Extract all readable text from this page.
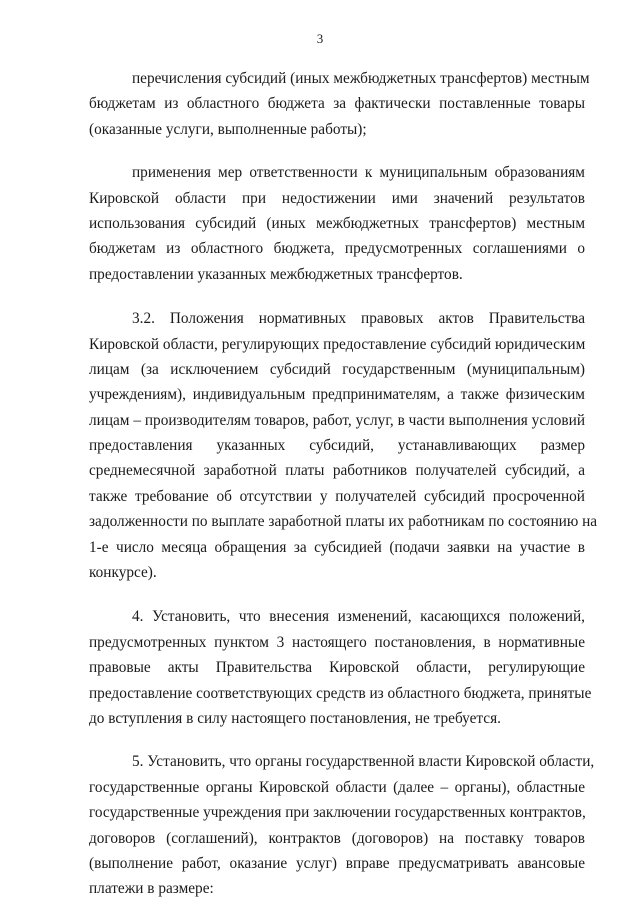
3
перечисления субсидий (иных межбюджетных трансфертов) местным
бюджетам из областного бюджета за фактически поставленные товары
(оказанные услуги, выполненные работы);
применения мер ответственности к муниципальным образованиям
Кировской области при недостижении ими значений результатов
использования субсидий (иных межбюджетных трансфертов) местным
бюджетам из областного бюджета, предусмотренных соглашениями о
предоставлении указанных межбюджетных трансфертов.
3.2. Положения нормативных правовых актов Правительства
Кировской области, регулирующих предоставление субсидий юридическим
лицам (за исключением субсидий государственным (муниципальным)
учреждениям), индивидуальным предпринимателям, а также физическим
лицам – производителям товаров, работ, услуг, в части выполнения условий
предоставления указанных субсидий, устанавливающих размер
среднемесячной заработной платы работников получателей субсидий, а
также требование об отсутствии у получателей субсидий просроченной
задолженности по выплате заработной платы их работникам по состоянию на
1-е число месяца обращения за субсидией (подачи заявки на участие в
конкурсе).
4. Установить, что внесения изменений, касающихся положений,
предусмотренных пунктом 3 настоящего постановления, в нормативные
правовые акты Правительства Кировской области, регулирующие
предоставление соответствующих средств из областного бюджета, принятые
до вступления в силу настоящего постановления, не требуется.
5. Установить, что органы государственной власти Кировской области,
государственные органы Кировской области (далее – органы), областные
государственные учреждения при заключении государственных контрактов,
договоров (соглашений), контрактов (договоров) на поставку товаров
(выполнение работ, оказание услуг) вправе предусматривать авансовые
платежи в размере:
